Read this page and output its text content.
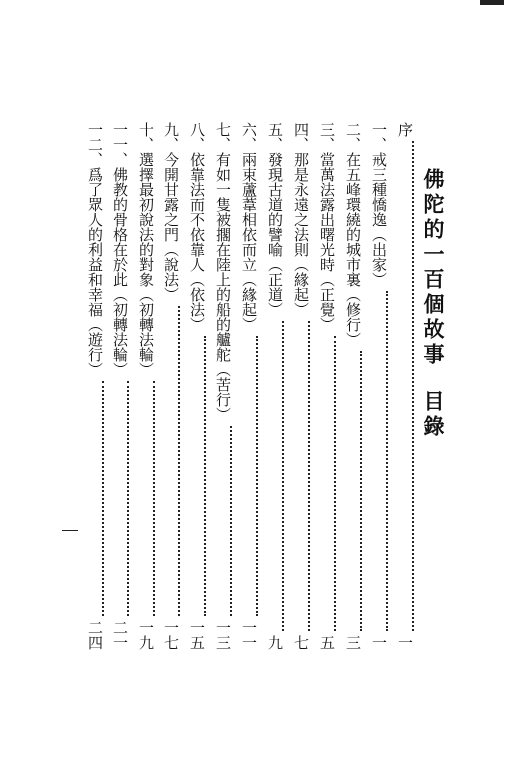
佛陀的一百個故事目錄
序
一
一、戒三種憍逸（出家）
一
二、在五峰環繞的城市裏（修行）
三
三、當萬法露出曙光時（正覺）
五
四、那是永遠之法則（緣起）
七
五、發現古道的譬喻（正道）
九
六、兩束蘆葦相依而立（緣起）
一一
七、有如一隻被擱在陸上的船的艫舵（苦行）
一三
八、依靠法而不依靠人（依法）
一五
九、今開甘露之門（說法）
一七
十、選擇最初說法的對象（初轉法輪）
一九
一一、佛教的骨格在於此（初轉法輪）
二一
一二、爲了眾人的利益和幸福（遊行）
二四
